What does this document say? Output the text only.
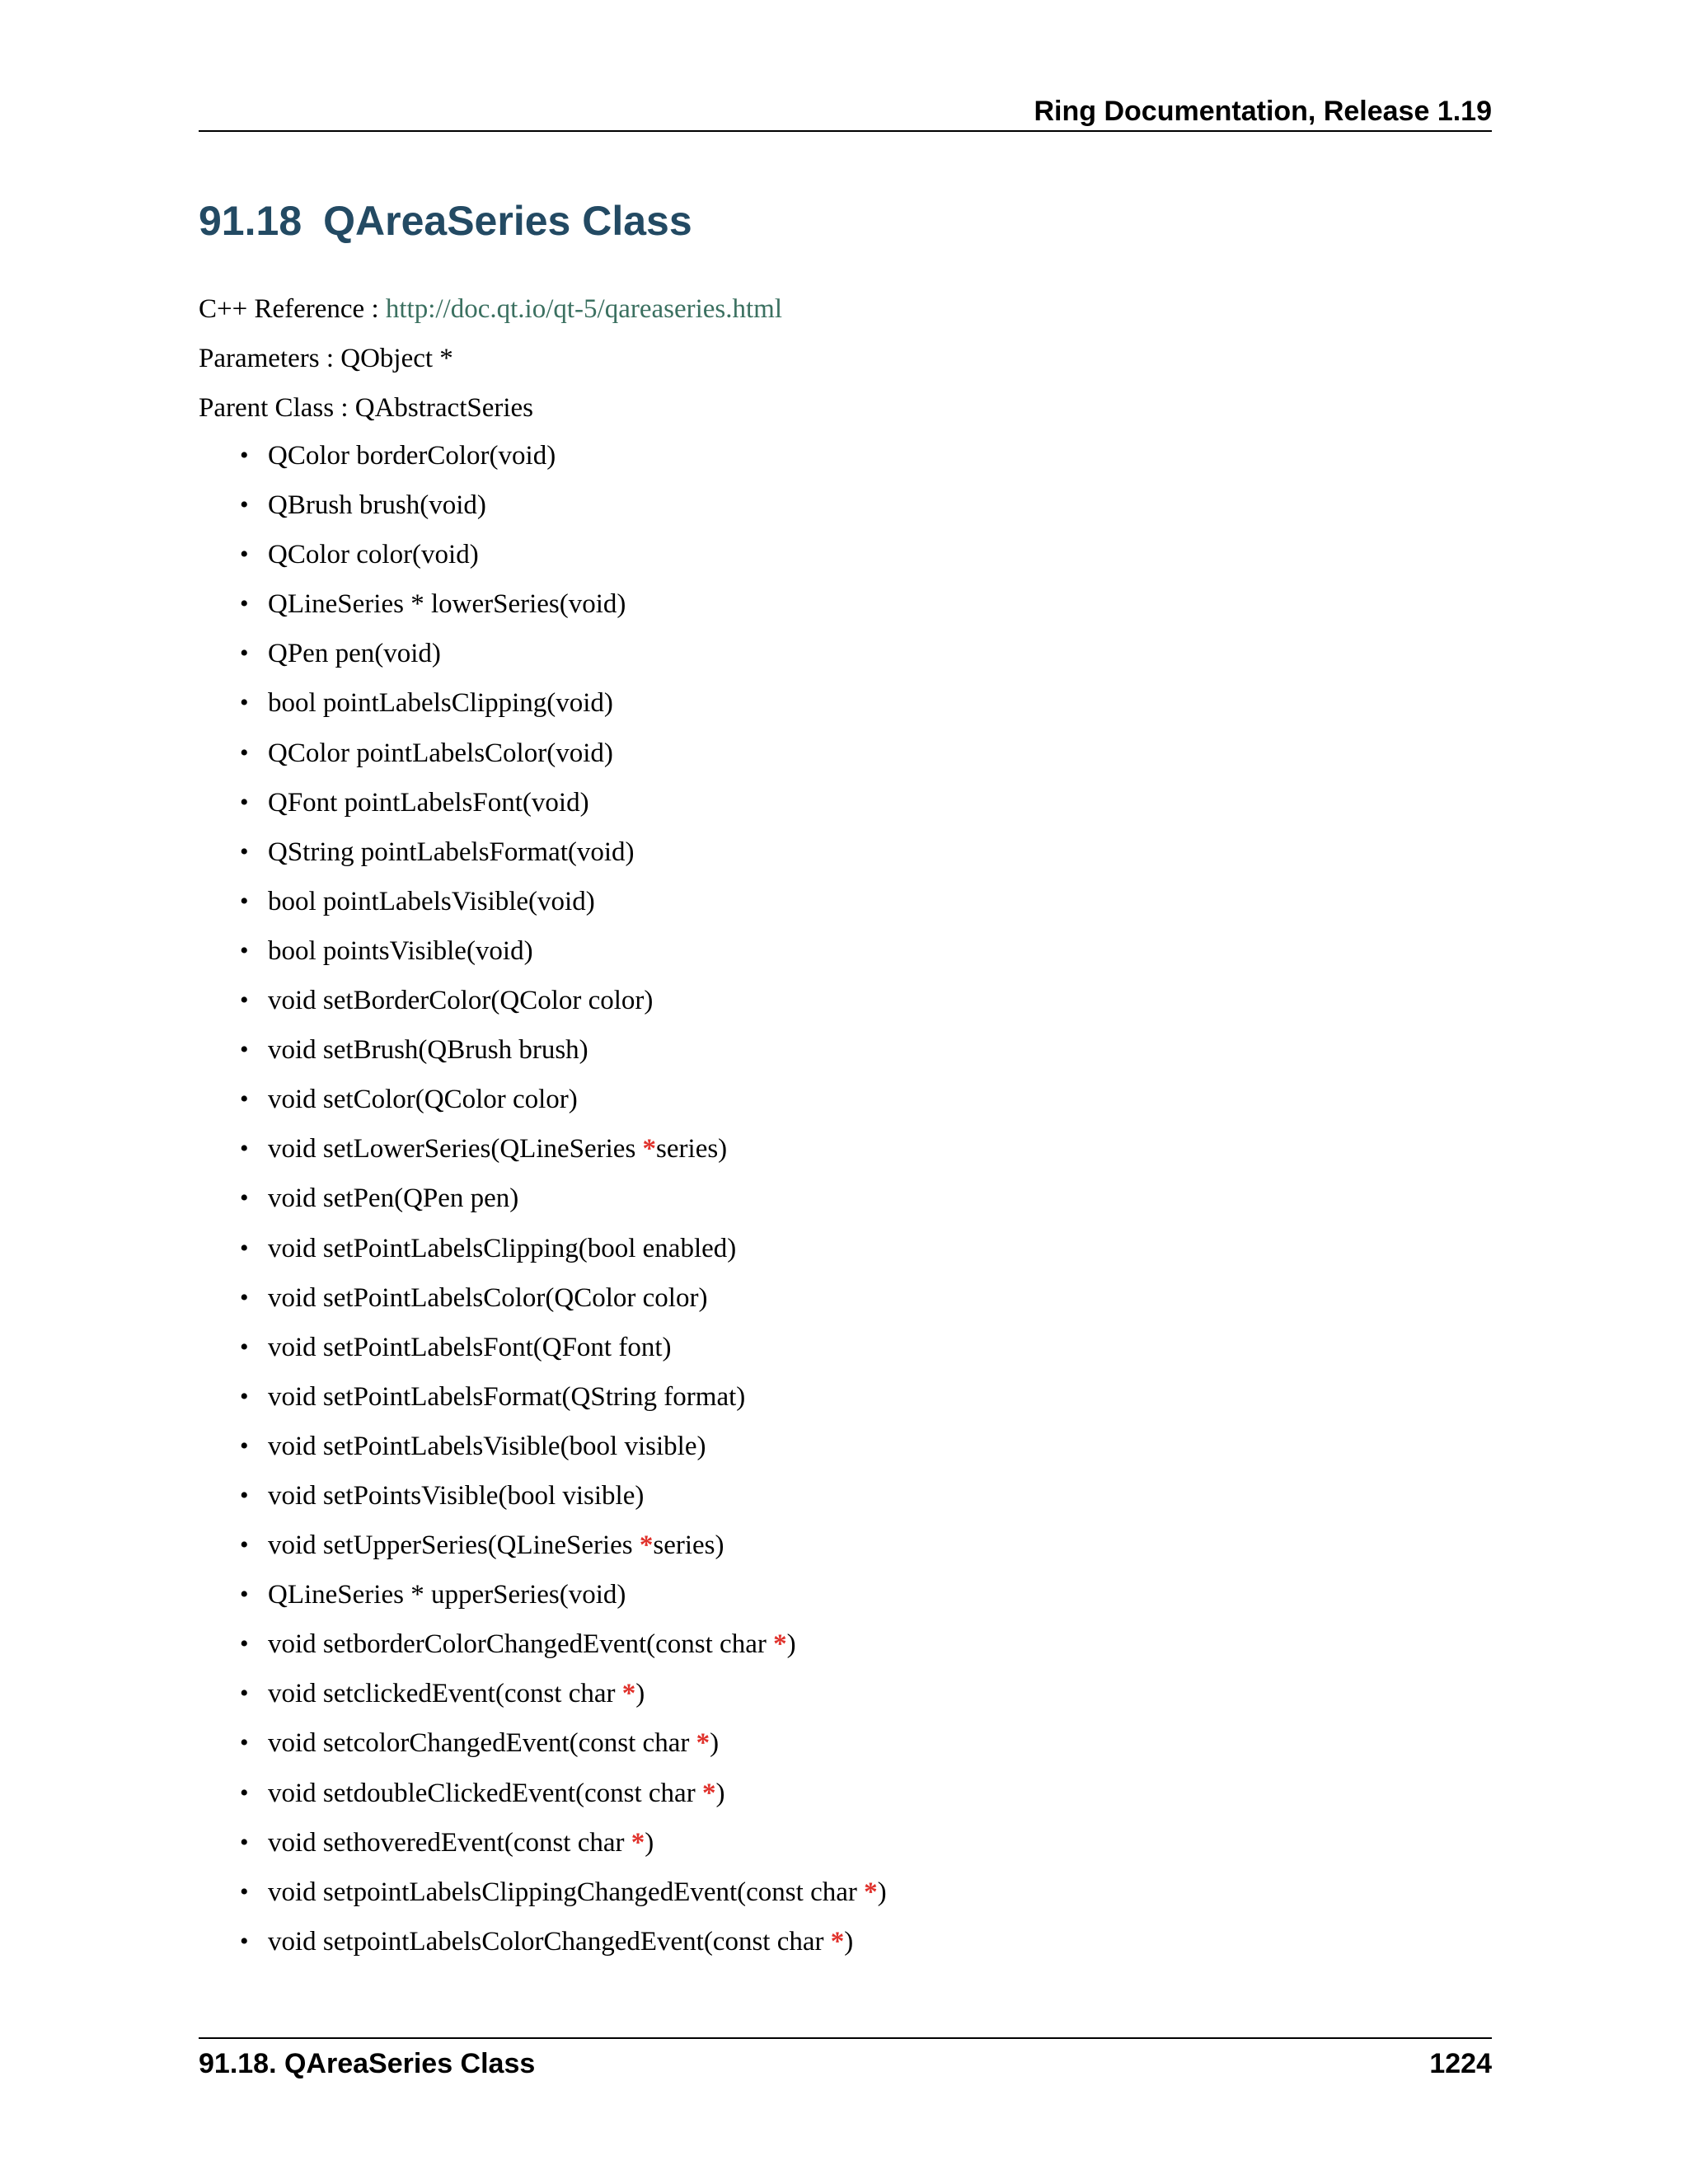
Ring Documentation, Release 1.19
91.18 QAreaSeries Class
C++ Reference : http://doc.qt.io/qt-5/qareaseries.html
Parameters : QObject *
Parent Class : QAbstractSeries
• QColor borderColor(void)
• QBrush brush(void)
• QColor color(void)
• QLineSeries * lowerSeries(void)
• QPen pen(void)
• bool pointLabelsClipping(void)
• QColor pointLabelsColor(void)
• QFont pointLabelsFont(void)
• QString pointLabelsFormat(void)
• bool pointLabelsVisible(void)
• bool pointsVisible(void)
• void setBorderColor(QColor color)
• void setBrush(QBrush brush)
• void setColor(QColor color)
• void setLowerSeries(QLineSeries *series)
• void setPen(QPen pen)
• void setPointLabelsClipping(bool enabled)
• void setPointLabelsColor(QColor color)
• void setPointLabelsFont(QFont font)
• void setPointLabelsFormat(QString format)
• void setPointLabelsVisible(bool visible)
• void setPointsVisible(bool visible)
• void setUpperSeries(QLineSeries *series)
• QLineSeries * upperSeries(void)
• void setborderColorChangedEvent(const char *)
• void setclickedEvent(const char *)
• void setcolorChangedEvent(const char *)
• void setdoubleClickedEvent(const char *)
• void sethoveredEvent(const char *)
• void setpointLabelsClippingChangedEvent(const char *)
• void setpointLabelsColorChangedEvent(const char *)
91.18. QAreaSeries Class	1224
